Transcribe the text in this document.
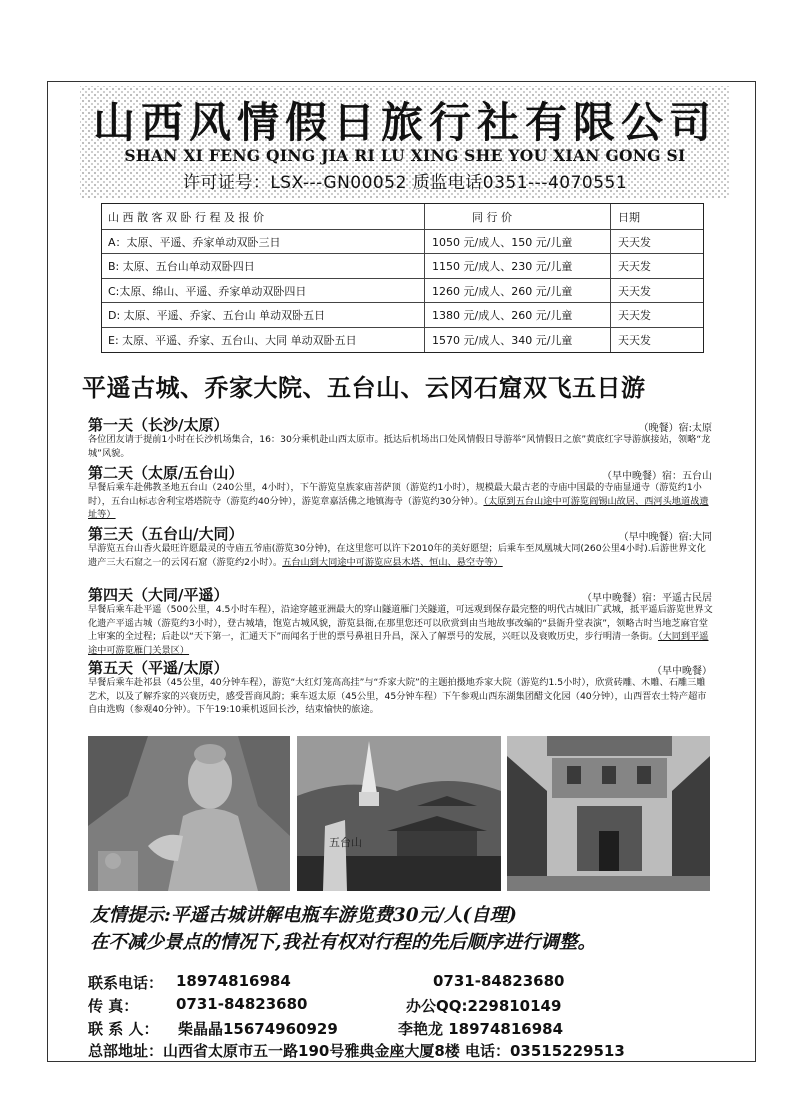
山西风情假日旅行社有限公司
SHAN XI FENG QING JIA RI LU XING SHE YOU XIAN GONG SI
许可证号：LSX---GN00052 质监电话0351---4070551
山 西 散 客 双 卧 行 程 及 报 价	同 行 价	日期
A：太原、平遥、乔家单动双卧三日	1050 元/成人、150 元/儿童	天天发
B: 太原、五台山单动双卧四日	1150 元/成人、230 元/儿童	天天发
C:太原、绵山、平遥、乔家单动双卧四日	1260 元/成人、260 元/儿童	天天发
D: 太原、平遥、乔家、五台山 单动双卧五日	1380 元/成人、260 元/儿童	天天发
E: 太原、平遥、乔家、五台山、大同 单动双卧五日	1570 元/成人、340 元/儿童	天天发
平遥古城、乔家大院、五台山、云冈石窟双飞五日游
第一天（长沙/太原）	（晚餐）宿:太原
各位团友请于提前1小时在长沙机场集合，16：30分乘机赴山西太原市。抵达后机场出口处风情假日导游举“风情假日之旅”黄底红字导游旗接站，领略“龙城”风貌。
第二天（太原/五台山）	（早中晚餐）宿：五台山
早餐后乘车赴佛教圣地五台山（240公里，4小时），下午游览皇族家庙菩萨顶（游览约1小时），规模最大最古老的寺庙中国最的寺庙显通寺（游览约1小时），五台山标志舍利宝塔塔院寺（游览约40分钟），游览章嘉活佛之地镇海寺（游览约30分钟）。（太原到五台山途中可游览阎锡山故居、西河头地道战遗址等）
第三天（五台山/大同）	（早中晚餐）宿:大同
早游览五台山香火最旺许愿最灵的寺庙五爷庙(游览30分钟)，在这里您可以许下2010年的美好愿望；后乘车至凤凰城大同(260公里4小时).后游世界文化遗产三大石窟之一的云冈石窟（游览约2小时）。五台山到大同途中可游览应县木塔、恒山、悬空寺等）
第四天（大同/平遥）	（早中晚餐）宿：平遥古民居
早餐后乘车赴平遥（500公里，4.5小时车程），沿途穿越亚洲最大的穿山隧道雁门关隧道，可远观到保存最完整的明代古城旧广武城，抵平遥后游览世界文化遗产平遥古城（游览约3小时），登古城墙，饱览古城风貌，游览县衙,在那里您还可以欣赏到由当地故事改编的“县衙升堂表演”，领略古时当地芝麻官堂上审案的全过程；后赴以“天下第一，汇通天下”而闻名于世的票号鼻祖日升昌，深入了解票号的发展，兴旺以及衰败历史，步行明清一条街。（大同到平遥途中可游览雁门关景区）
第五天（平遥/太原）	（早中晚餐）
早餐后乘车赴祁县（45公里，40分钟车程），游览“大红灯笼高高挂”与“乔家大院”的主题拍摄地乔家大院（游览约1.5小时），欣赏砖雕、木雕、石雕三雕艺术，以及了解乔家的兴衰历史，感受晋商风韵；乘车返太原（45公里，45分钟车程）下午参观山西东湖集团醋文化园（40分钟），山西晋农士特产超市自由选购（参观40分钟）。下午19:10乘机返回长沙，结束愉快的旅途。
五台山
友情提示:平遥古城讲解电瓶车游览费30元/人(自理)
在不减少景点的情况下,我社有权对行程的先后顺序进行调整。
联系电话： 18974816984	0731-84823680
传 真：	0731-84823680	办公QQ:229810149
联 系 人： 柴晶晶15674960929	李艳龙 18974816984
总部地址：山西省太原市五一路190号雅典金座大厦8楼 电话：03515229513
